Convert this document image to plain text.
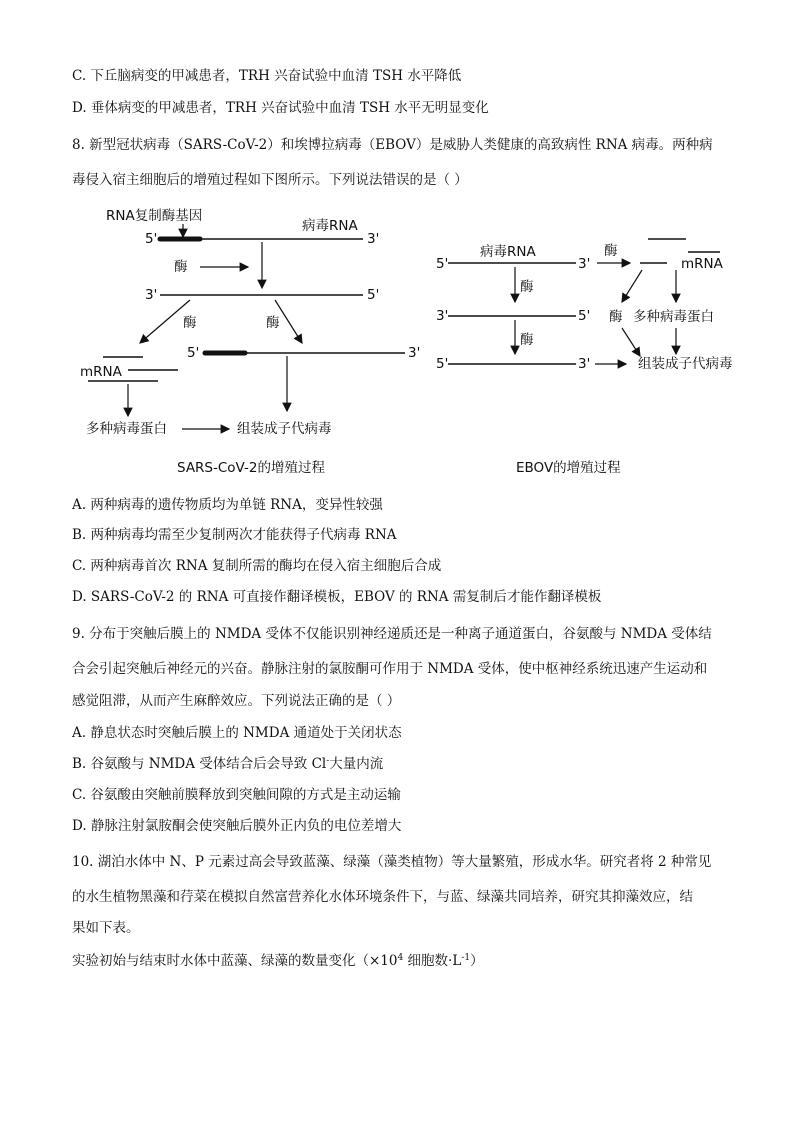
C. 下丘脑病变的甲减患者，TRH 兴奋试验中血清 TSH 水平降低
D. 垂体病变的甲减患者，TRH 兴奋试验中血清 TSH 水平无明显变化
8. 新型冠状病毒（SARS-CoV-2）和埃博拉病毒（EBOV）是威胁人类健康的高致病性 RNA 病毒。两种病
毒侵入宿主细胞后的增殖过程如下图所示。下列说法错误的是（ ）
RNA复制酶基因
病毒RNA
5'	3'
酶
3'	5'
酶	酶
5'	3'
mRNA
多种病毒蛋白	组装成子代病毒
SARS-CoV-2的增殖过程
病毒RNA
5'	3'
酶
mRNA
酶
3'	5' 酶 多种病毒蛋白
酶
5'	3'	组装成子代病毒
EBOV的增殖过程
A. 两种病毒的遗传物质均为单链 RNA，变异性较强
B. 两种病毒均需至少复制两次才能获得子代病毒 RNA
C. 两种病毒首次 RNA 复制所需的酶均在侵入宿主细胞后合成
D. SARS-CoV-2 的 RNA 可直接作翻译模板，EBOV 的 RNA 需复制后才能作翻译模板
9. 分布于突触后膜上的 NMDA 受体不仅能识别神经递质还是一种离子通道蛋白，谷氨酸与 NMDA 受体结
合会引起突触后神经元的兴奋。静脉注射的氯胺酮可作用于 NMDA 受体，使中枢神经系统迅速产生运动和
感觉阻滞，从而产生麻醉效应。下列说法正确的是（ ）
A. 静息状态时突触后膜上的 NMDA 通道处于关闭状态
B. 谷氨酸与 NMDA 受体结合后会导致 Cl-大量内流
C. 谷氨酸由突触前膜释放到突触间隙的方式是主动运输
D. 静脉注射氯胺酮会使突触后膜外正内负的电位差增大
10. 湖泊水体中 N、P 元素过高会导致蓝藻、绿藻（藻类植物）等大量繁殖，形成水华。研究者将 2 种常见
的水生植物黑藻和荇菜在模拟自然富营养化水体环境条件下，与蓝、绿藻共同培养，研究其抑藻效应，结
果如下表。
实验初始与结束时水体中蓝藻、绿藻的数量变化（$\times 10^4$ 细胞数$\cdot L^{-1}$）
